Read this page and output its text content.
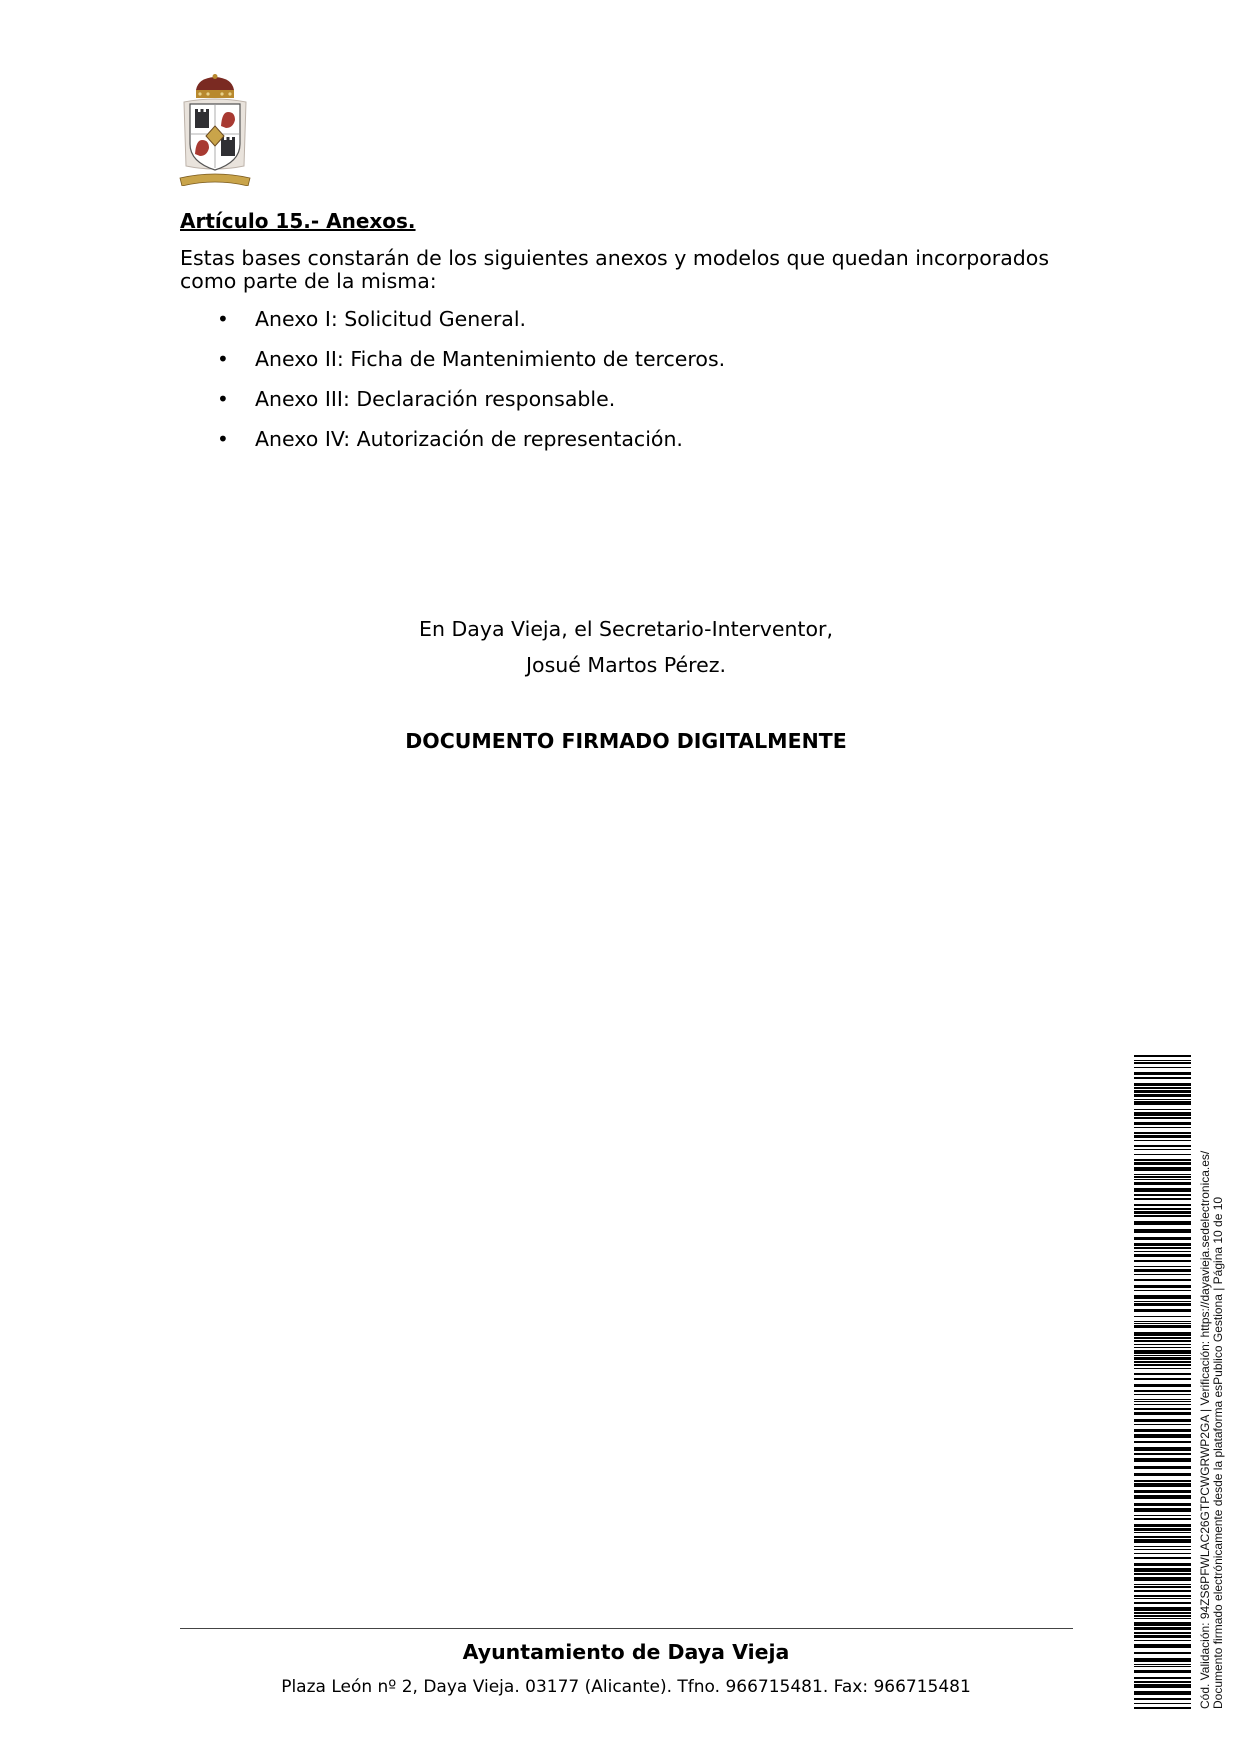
Artículo 15.- Anexos.
Estas bases constarán de los siguientes anexos y modelos que quedan incorporados como parte de la misma:
• Anexo I: Solicitud General.
• Anexo II: Ficha de Mantenimiento de terceros.
• Anexo III: Declaración responsable.
• Anexo IV: Autorización de representación.
En Daya Vieja, el Secretario-Interventor,
Josué Martos Pérez.
DOCUMENTO FIRMADO DIGITALMENTE
Ayuntamiento de Daya Vieja
Plaza León nº 2, Daya Vieja. 03177 (Alicante). Tfno. 966715481. Fax: 966715481	Cód. Validación: 94ZS6PFWLAC26GTPCWGRWP2GA | Verificación: https://dayavieja.sedelectronica.es/ Documento firmado electrónicamente desde la plataforma esPublico Gestiona | Página 10 de 10
